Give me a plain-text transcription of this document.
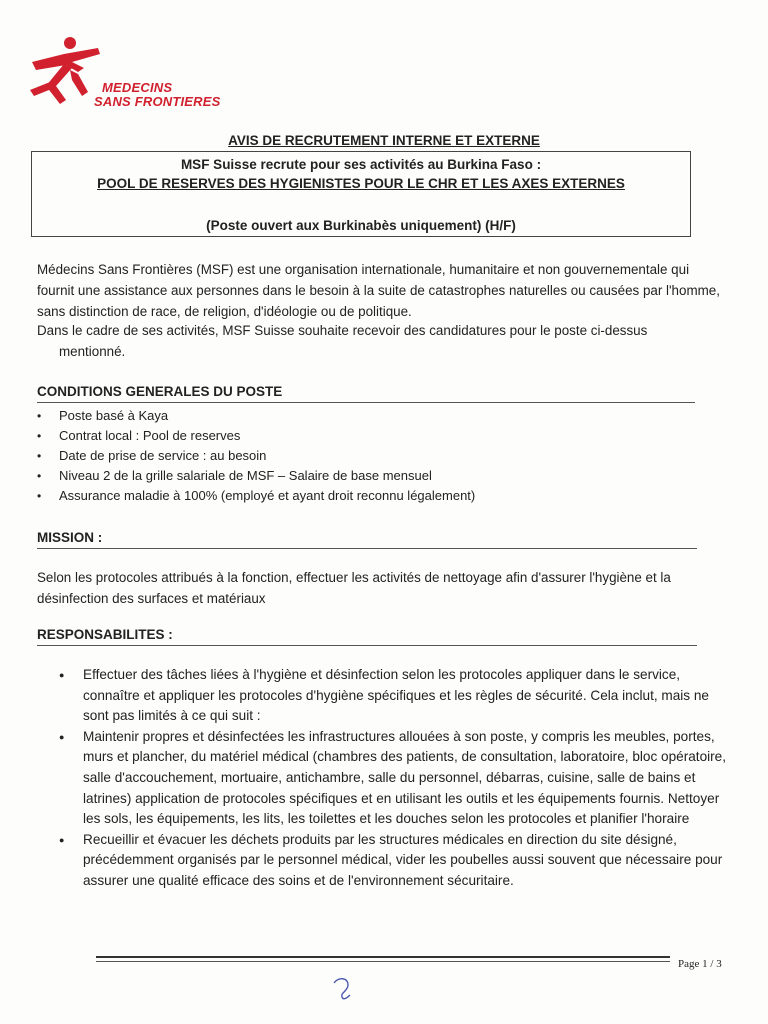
MEDECINS
SANS FRONTIERES
AVIS DE RECRUTEMENT INTERNE ET EXTERNE
MSF Suisse recrute pour ses activités au Burkina Faso :
POOL DE RESERVES DES HYGIENISTES POUR LE CHR ET LES AXES EXTERNES
(Poste ouvert aux Burkinabès uniquement) (H/F)
Médecins Sans Frontières (MSF) est une organisation internationale, humanitaire et non gouvernementale qui fournit une assistance aux personnes dans le besoin à la suite de catastrophes naturelles ou causées par l'homme, sans distinction de race, de religion, d'idéologie ou de politique.
Dans le cadre de ses activités, MSF Suisse souhaite recevoir des candidatures pour le poste ci-dessus
mentionné.
CONDITIONS GENERALES DU POSTE
• Poste basé à Kaya
• Contrat local : Pool de reserves
• Date de prise de service : au besoin
• Niveau 2 de la grille salariale de MSF – Salaire de base mensuel
• Assurance maladie à 100% (employé et ayant droit reconnu légalement)
MISSION :
Selon les protocoles attribués à la fonction, effectuer les activités de nettoyage afin d'assurer l'hygiène et la désinfection des surfaces et matériaux
RESPONSABILITES :
● Effectuer des tâches liées à l'hygiène et désinfection selon les protocoles appliquer dans le service, connaître et appliquer les protocoles d'hygiène spécifiques et les règles de sécurité. Cela inclut, mais ne sont pas limités à ce qui suit :
● Maintenir propres et désinfectées les infrastructures allouées à son poste, y compris les meubles, portes, murs et plancher, du matériel médical (chambres des patients, de consultation, laboratoire, bloc opératoire, salle d'accouchement, mortuaire, antichambre, salle du personnel, débarras, cuisine, salle de bains et latrines) application de protocoles spécifiques et en utilisant les outils et les équipements fournis. Nettoyer les sols, les équipements, les lits, les toilettes et les douches selon les protocoles et planifier l'horaire
● Recueillir et évacuer les déchets produits par les structures médicales en direction du site désigné, précédemment organisés par le personnel médical, vider les poubelles aussi souvent que nécessaire pour assurer une qualité efficace des soins et de l'environnement sécuritaire.
Page 1 / 3
